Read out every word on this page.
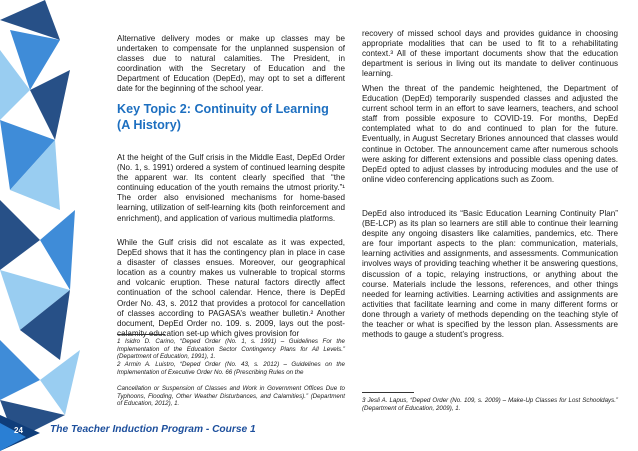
Alternative delivery modes or make up classes may be undertaken to compensate for the unplanned suspension of classes due to natural calamities. The President, in coordination with the Secretary of Education and the Department of Education (DepEd), may opt to set a different date for the beginning of the school year.

Key Topic 2: Continuity of Learning
(A History)

At the height of the Gulf crisis in the Middle East, DepEd Order (No. 1, s. 1991) ordered a system of continued learning despite the apparent war. Its content clearly specified that “the continuing education of the youth remains the utmost priority.”¹ The order also envisioned mechanisms for home-based learning, utilization of self-learning kits (both reinforcement and enrichment), and application of various multimedia platforms.

While the Gulf crisis did not escalate as it was expected, DepEd shows that it has the contingency plan in place in case a disaster of classes ensues. Moreover, our geographical location as a country makes us vulnerable to tropical storms and volcanic eruption. These natural factors directly affect continuation of the school calendar. Hence, there is DepEd Order No. 43, s. 2012 that provides a protocol for cancellation of classes according to PAGASA’s weather bulletin.² Another document, DepEd Order no. 109. s. 2009, lays out the post-calamity education set-up which gives provision for

1 Isidro D. Carino, “Deped Order (No. 1, s. 1991) – Guidelines For the Implementation of the Education Sector Contingency Plans for All Levels.” (Department of Education, 1991), 1.

2 Armin A. Luistro, “Deped Order (No. 43, s. 2012) – Guidelines on the Implementation of Executive Order No. 66 (Prescribing Rules on the

Cancellation or Suspension of Classes and Work in Government Offices Due to Typhoons, Flooding, Other Weather Disturbances, and Calamities).” (Department of Education, 2012), 1.

recovery of missed school days and provides guidance in choosing appropriate modalities that can be used to fit to a rehabilitating context.³ All of these important documents show that the education department is serious in living out its mandate to deliver continuous learning.

When the threat of the pandemic heightened, the Department of Education (DepEd) temporarily suspended classes and adjusted the current school term in an effort to save learners, teachers, and school staff from possible exposure to COVID-19. For months, DepEd contemplated what to do and continued to plan for the future. Eventually, in August Secretary Briones announced that classes would continue in October. The announcement came after numerous schools were asking for different extensions and possible class opening dates. DepEd opted to adjust classes by introducing modules and the use of online video conferencing applications such as Zoom.

DepEd also introduced its “Basic Education Learning Continuity Plan” (BE-LCP) as its plan so learners are still able to continue their learning despite any ongoing disasters like calamities, pandemics, etc. There are four important aspects to the plan: communication, materials, learning activities and assignments, and assessments. Communication involves ways of providing teaching whether it be answering questions, discussion of a topic, relaying instructions, or anything about the course. Materials include the lessons, references, and other things needed for learning activities. Learning activities and assignments are activities that facilitate learning and come in many different forms or done through a variety of methods depending on the teaching style of the teacher or what is specified by the lesson plan. Assessments are methods to gauge a student’s progress.

3 Jesli A. Lapus, “Deped Order (No. 109, s. 2009) – Make-Up Classes for Lost Schooldays.” (Department of Education, 2009), 1.

24	The Teacher Induction Program - Course 1
